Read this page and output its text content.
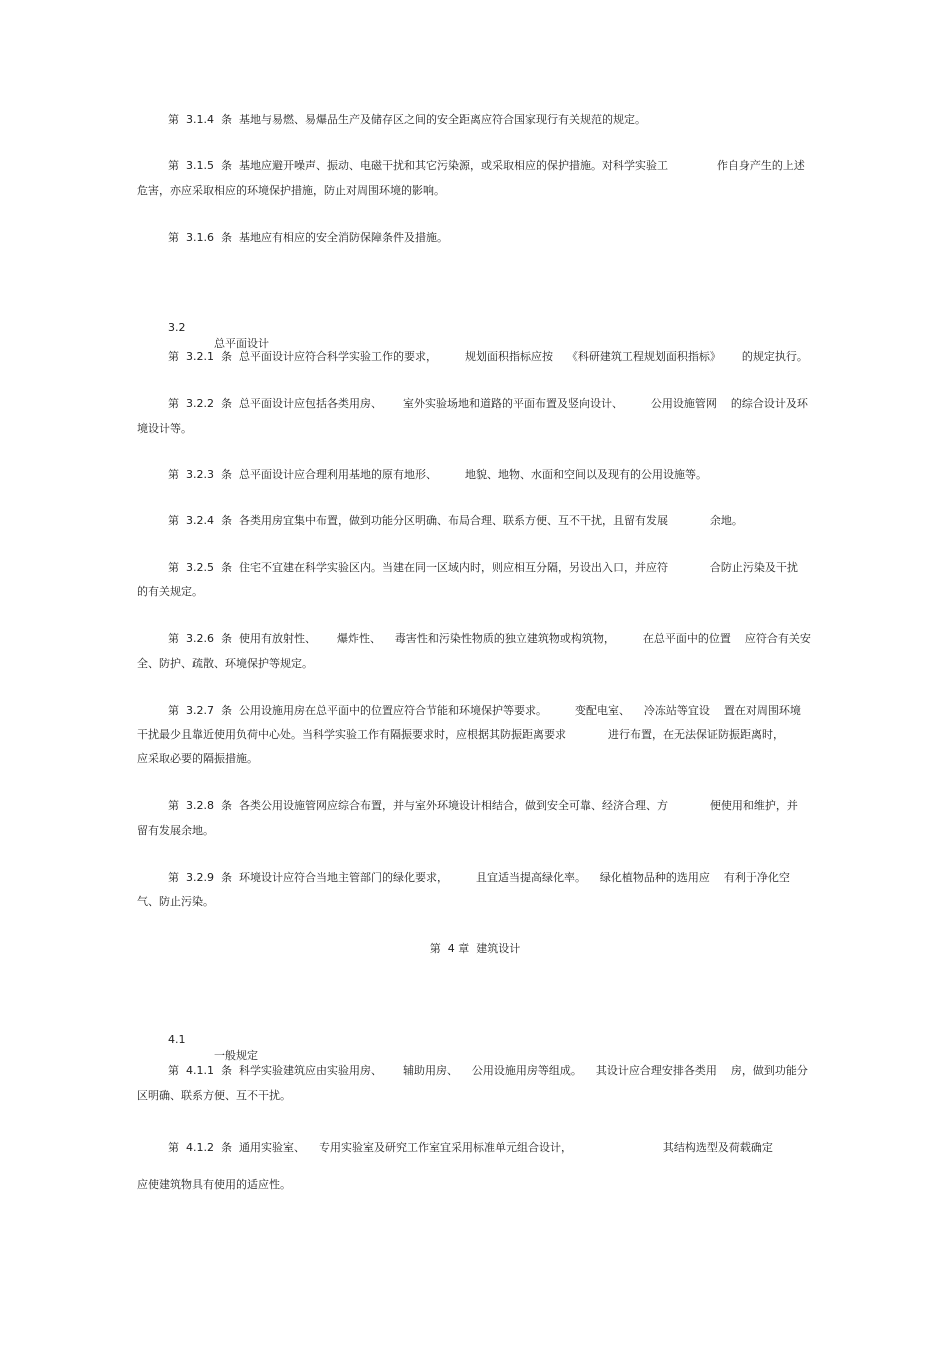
第  3.1.4  条  基地与易燃、易爆品生产及储存区之间的安全距离应符合国家现行有关规范的规定。
第  3.1.5  条  基地应避开噪声、振动、电磁干扰和其它污染源，或采取相应的保护措施。对科学实验工              作自身产生的上述
危害，亦应采取相应的环境保护措施，防止对周围环境的影响。
第  3.1.6  条  基地应有相应的安全消防保障条件及措施。

3.2

总平面设计

第  3.2.1  条  总平面设计应符合科学实验工作的要求，        规划面积指标应按    《科研建筑工程规划面积指标》      的规定执行。
第  3.2.2  条  总平面设计应包括各类用房、      室外实验场地和道路的平面布置及竖向设计、        公用设施管网    的综合设计及环
境设计等。
第  3.2.3  条  总平面设计应合理利用基地的原有地形、        地貌、地物、水面和空间以及现有的公用设施等。
第  3.2.4  条  各类用房宜集中布置，做到功能分区明确、布局合理、联系方便、互不干扰，且留有发展            余地。
第  3.2.5  条  住宅不宜建在科学实验区内。当建在同一区域内时，则应相互分隔，另设出入口，并应符            合防止污染及干扰
的有关规定。
第  3.2.6  条  使用有放射性、      爆炸性、    毒害性和污染性物质的独立建筑物或构筑物，        在总平面中的位置    应符合有关安
全、防护、疏散、环境保护等规定。
第  3.2.7  条  公用设施用房在总平面中的位置应符合节能和环境保护等要求。        变配电室、    冷冻站等宜设    置在对周围环境
干扰最少且靠近使用负荷中心处。当科学实验工作有隔振要求时，应根据其防振距离要求            进行布置，在无法保证防振距离时，
应采取必要的隔振措施。
第  3.2.8  条  各类公用设施管网应综合布置，并与室外环境设计相结合，做到安全可靠、经济合理、方            便使用和维护，并
留有发展余地。
第  3.2.9  条  环境设计应符合当地主管部门的绿化要求，        且宜适当提高绿化率。    绿化植物品种的选用应    有利于净化空
气、防止污染。
第  4 章  建筑设计

4.1

一般规定

第  4.1.1  条  科学实验建筑应由实验用房、      辅助用房、    公用设施用房等组成。    其设计应合理安排各类用    房，做到功能分
区明确、联系方便、互不干扰。
第  4.1.2  条  通用实验室、    专用实验室及研究工作室宜采用标准单元组合设计，                          其结构选型及荷载确定
应使建筑物具有使用的适应性。
